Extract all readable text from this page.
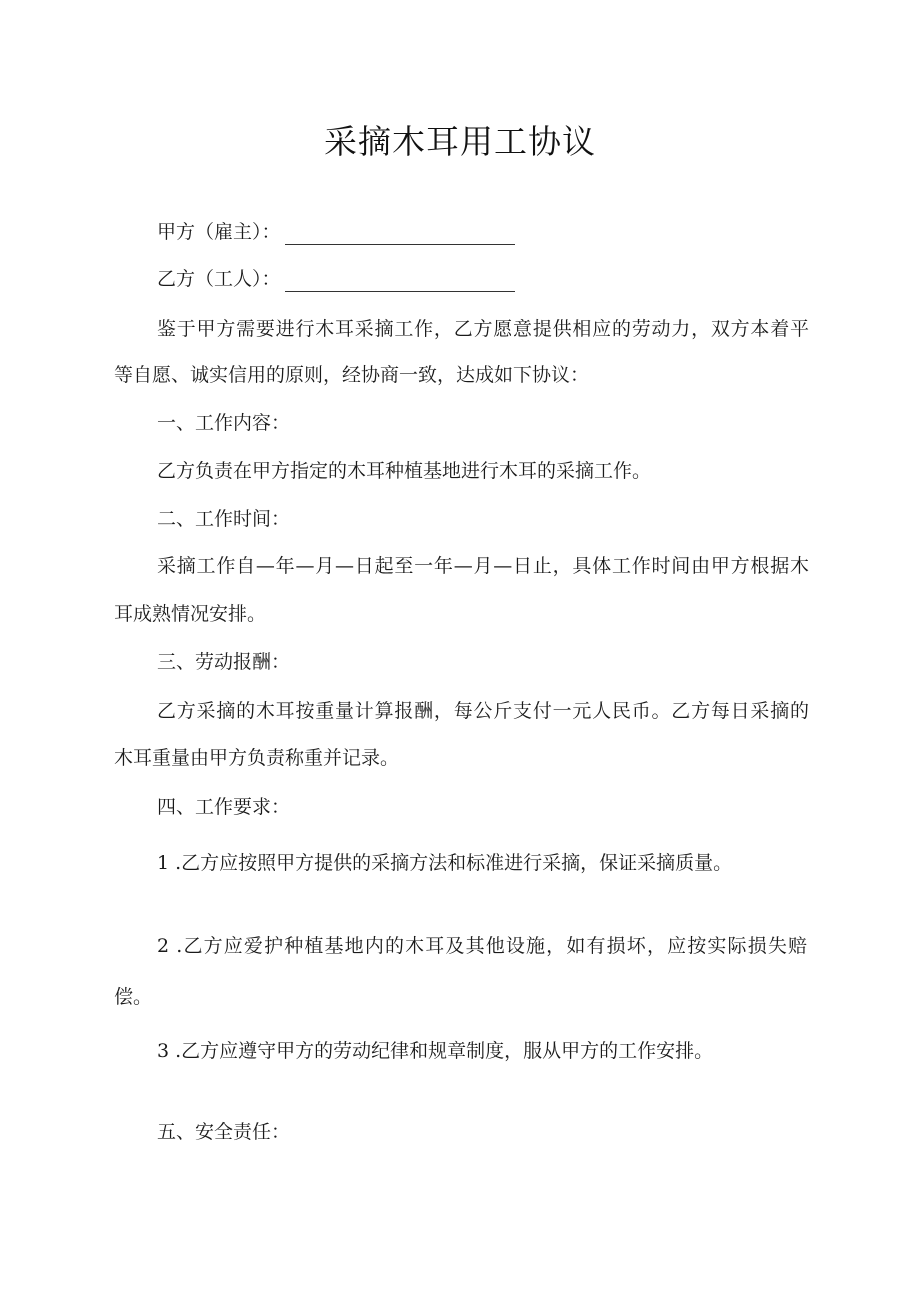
采摘木耳用工协议
甲方（雇主）：
乙方（工人）：
鉴于甲方需要进行木耳采摘工作，乙方愿意提供相应的劳动力，双方本着平
等自愿、诚实信用的原则，经协商一致，达成如下协议：
一、工作内容：
乙方负责在甲方指定的木耳种植基地进行木耳的采摘工作。
二、工作时间：
采摘工作自—年—月—日起至一年—月—日止，具体工作时间由甲方根据木
耳成熟情况安排。
三、劳动报酬：
乙方采摘的木耳按重量计算报酬，每公斤支付一元人民币。乙方每日采摘的
木耳重量由甲方负责称重并记录。
四、工作要求：
1 .乙方应按照甲方提供的采摘方法和标准进行采摘，保证采摘质量。
2 .乙方应爱护种植基地内的木耳及其他设施，如有损坏，应按实际损失赔
偿。
3 .乙方应遵守甲方的劳动纪律和规章制度，服从甲方的工作安排。
五、安全责任：
